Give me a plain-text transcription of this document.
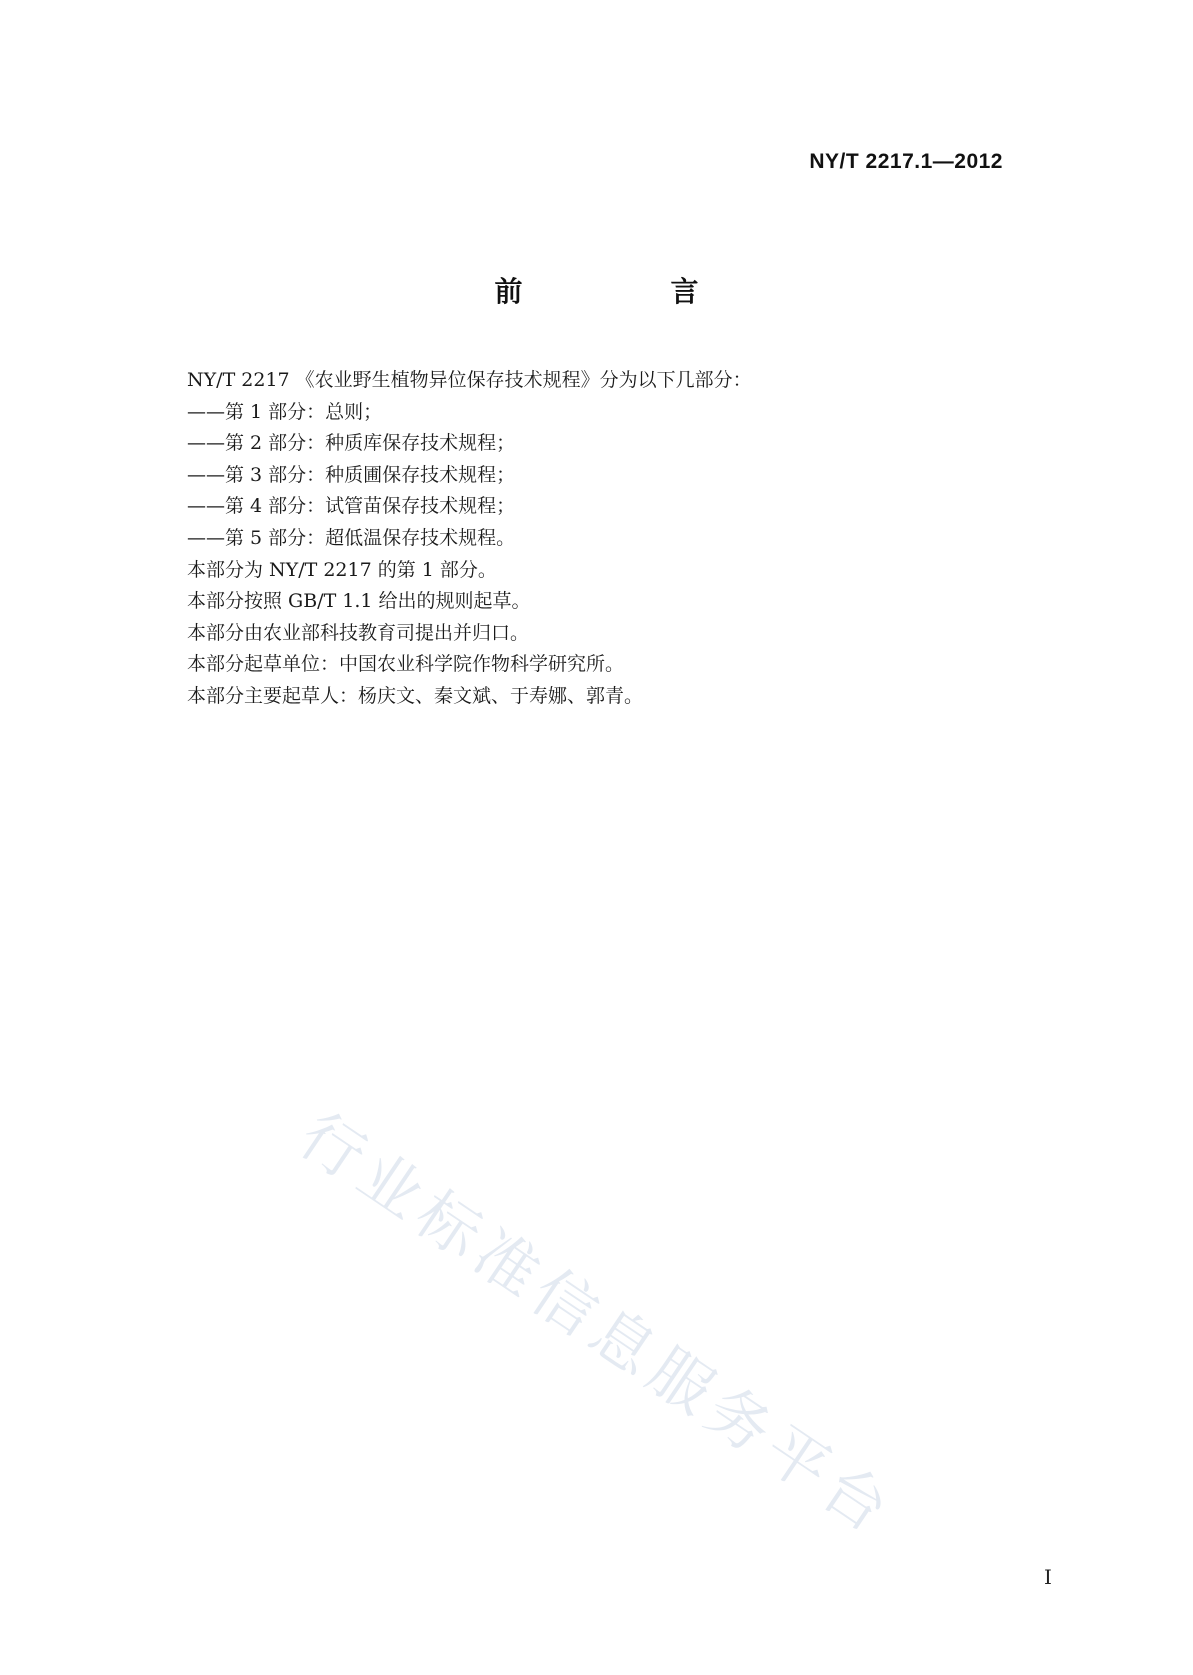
NY/T 2217.1—2012
前　言

NY/T 2217 《农业野生植物异位保存技术规程》分为以下几部分：

——第 1 部分：总则；

——第 2 部分：种质库保存技术规程；

——第 3 部分：种质圃保存技术规程；

——第 4 部分：试管苗保存技术规程；

——第 5 部分：超低温保存技术规程。

本部分为 NY/T 2217 的第 1 部分。

本部分按照 GB/T 1.1 给出的规则起草。

本部分由农业部科技教育司提出并归口。

本部分起草单位：中国农业科学院作物科学研究所。

本部分主要起草人：杨庆文、秦文斌、于寿娜、郭青。

行业标准信息服务平台
I
